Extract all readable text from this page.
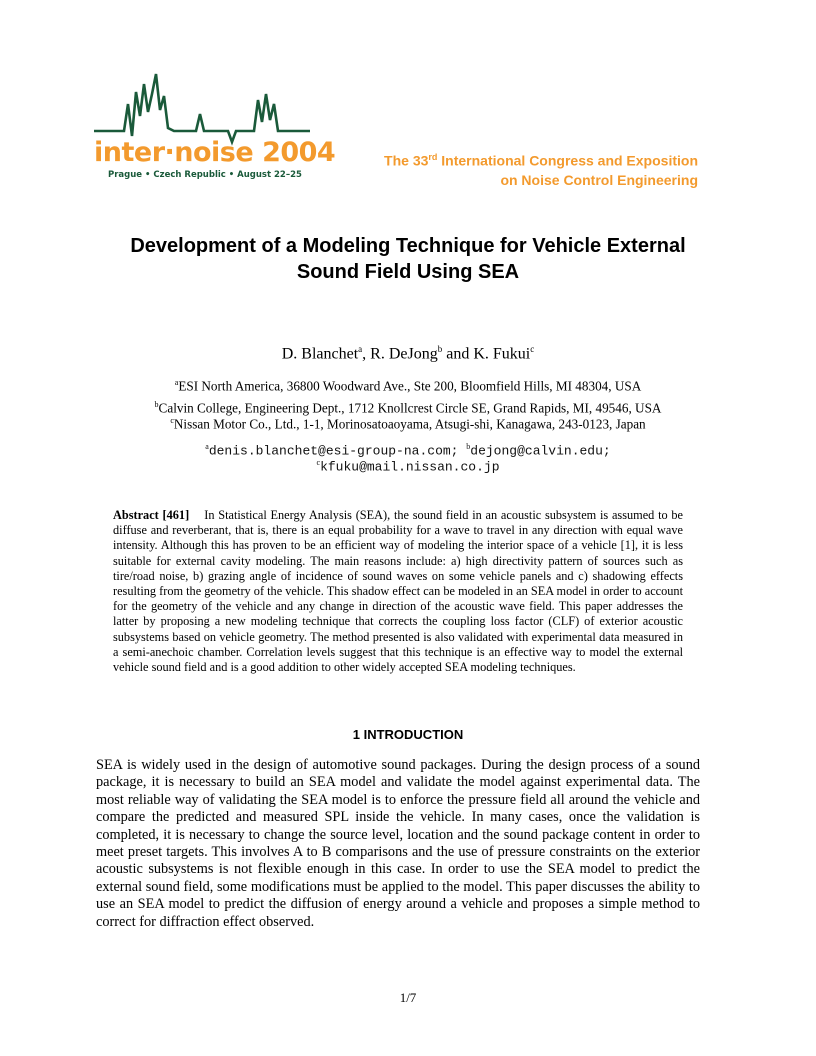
inter·noise 2004
Prague • Czech Republic • August 22–25
The 33rd International Congress and Exposition
on Noise Control Engineering
Development of a Modeling Technique for Vehicle External
Sound Field Using SEA
D. Blanchet$^a$, R. DeJong$^b$ and K. Fukui$^c$
$^a$ESI North America, 36800 Woodward Ave., Ste 200, Bloomfield Hills, MI 48304, USA
$^b$Calvin College, Engineering Dept., 1712 Knollcrest Circle SE, Grand Rapids, MI, 49546, USA
$^c$Nissan Motor Co., Ltd., 1-1, Morinosatoaoyama, Atsugi-shi, Kanagawa, 243-0123, Japan
$^a$denis.blanchet@esi-group-na.com; $^b$dejong@calvin.edu;
$^c$kfuku@mail.nissan.co.jp
Abstract [461] In Statistical Energy Analysis (SEA), the sound field in an acoustic subsystem is assumed to be diffuse and reverberant, that is, there is an equal probability for a wave to travel in any direction with equal wave intensity. Although this has proven to be an efficient way of modeling the interior space of a vehicle [1], it is less suitable for external cavity modeling. The main reasons include: a) high directivity pattern of sources such as tire/road noise, b) grazing angle of incidence of sound waves on some vehicle panels and c) shadowing effects resulting from the geometry of the vehicle. This shadow effect can be modeled in an SEA model in order to account for the geometry of the vehicle and any change in direction of the acoustic wave field. This paper addresses the latter by proposing a new modeling technique that corrects the coupling loss factor (CLF) of exterior acoustic subsystems based on vehicle geometry. The method presented is also validated with experimental data measured in a semi-anechoic chamber. Correlation levels suggest that this technique is an effective way to model the external vehicle sound field and is a good addition to other widely accepted SEA modeling techniques.
1 INTRODUCTION
SEA is widely used in the design of automotive sound packages. During the design process of a sound package, it is necessary to build an SEA model and validate the model against experimental data. The most reliable way of validating the SEA model is to enforce the pressure field all around the vehicle and compare the predicted and measured SPL inside the vehicle. In many cases, once the validation is completed, it is necessary to change the source level, location and the sound package content in order to meet preset targets. This involves A to B comparisons and the use of pressure constraints on the exterior acoustic subsystems is not flexible enough in this case. In order to use the SEA model to predict the external sound field, some modifications must be applied to the model. This paper discusses the ability to use an SEA model to predict the diffusion of energy around a vehicle and proposes a simple method to correct for diffraction effect observed.
1/7
